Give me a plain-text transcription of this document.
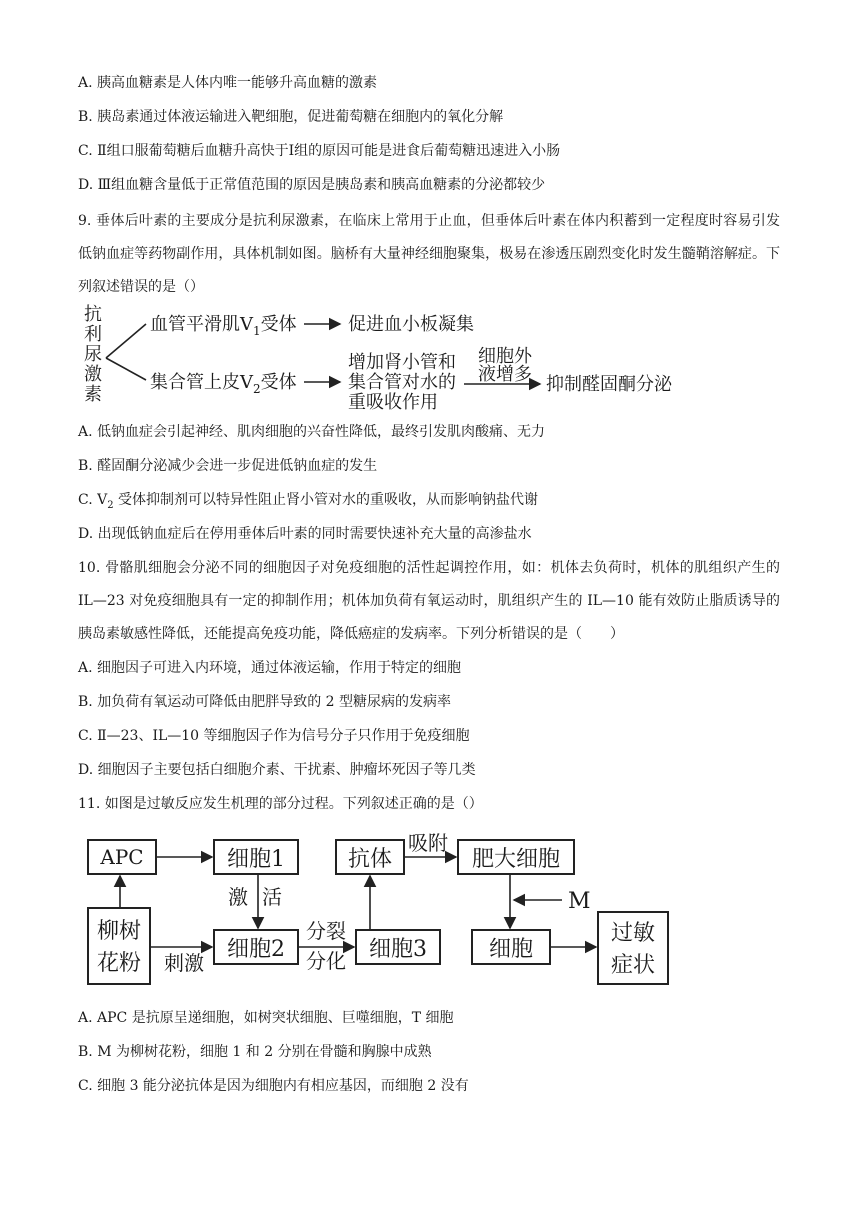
A. 胰高血糖素是人体内唯一能够升高血糖的激素
B. 胰岛素通过体液运输进入靶细胞，促进葡萄糖在细胞内的氧化分解
C. Ⅱ组口服葡萄糖后血糖升高快于Ⅰ组的原因可能是进食后葡萄糖迅速进入小肠
D. Ⅲ组血糖含量低于正常值范围的原因是胰岛素和胰高血糖素的分泌都较少
9. 垂体后叶素的主要成分是抗利尿激素，在临床上常用于止血，但垂体后叶素在体内积蓄到一定程度时容易引发低钠血症等药物副作用，具体机制如图。脑桥有大量神经细胞聚集，极易在渗透压剧烈变化时发生髓鞘溶解症。下列叙述错误的是（）
抗
利
尿
激
素
血管平滑肌$V_1$受体	促进血小板凝集
集合管上皮$V_2$受体
增加肾小管和
集合管对水的
重吸收作用
细胞外
液增多 抑制醛固酮分泌
A. 低钠血症会引起神经、肌肉细胞的兴奋性降低，最终引发肌肉酸痛、无力
B. 醛固酮分泌减少会进一步促进低钠血症的发生
C. $V_2$ 受体抑制剂可以特异性阻止肾小管对水的重吸收，从而影响钠盐代谢
D. 出现低钠血症后在停用垂体后叶素的同时需要快速补充大量的高渗盐水
10. 骨骼肌细胞会分泌不同的细胞因子对免疫细胞的活性起调控作用，如：机体去负荷时，机体的肌组织产生的 IL—23 对免疫细胞具有一定的抑制作用；机体加负荷有氧运动时，肌组织产生的 IL—10 能有效防止脂质诱导的胰岛素敏感性降低，还能提高免疫功能，降低癌症的发病率。下列分析错误的是（　　）
A. 细胞因子可进入内环境，通过体液运输，作用于特定的细胞
B. 加负荷有氧运动可降低由肥胖导致的 2 型糖尿病的发病率
C. Ⅱ—23、IL—10 等细胞因子作为信号分子只作用于免疫细胞
D. 细胞因子主要包括白细胞介素、干扰素、肿瘤坏死因子等几类
11. 如图是过敏反应发生机理的部分过程。下列叙述正确的是（）
APC	细胞1	抗体	肥大细胞
柳树
花粉
细胞2	细胞3	细胞
过敏
症状
激 活
刺激
分裂
分化
吸附
M
A. APC 是抗原呈递细胞，如树突状细胞、巨噬细胞，T 细胞
B. M 为柳树花粉，细胞 1 和 2 分别在骨髓和胸腺中成熟
C. 细胞 3 能分泌抗体是因为细胞内有相应基因，而细胞 2 没有
